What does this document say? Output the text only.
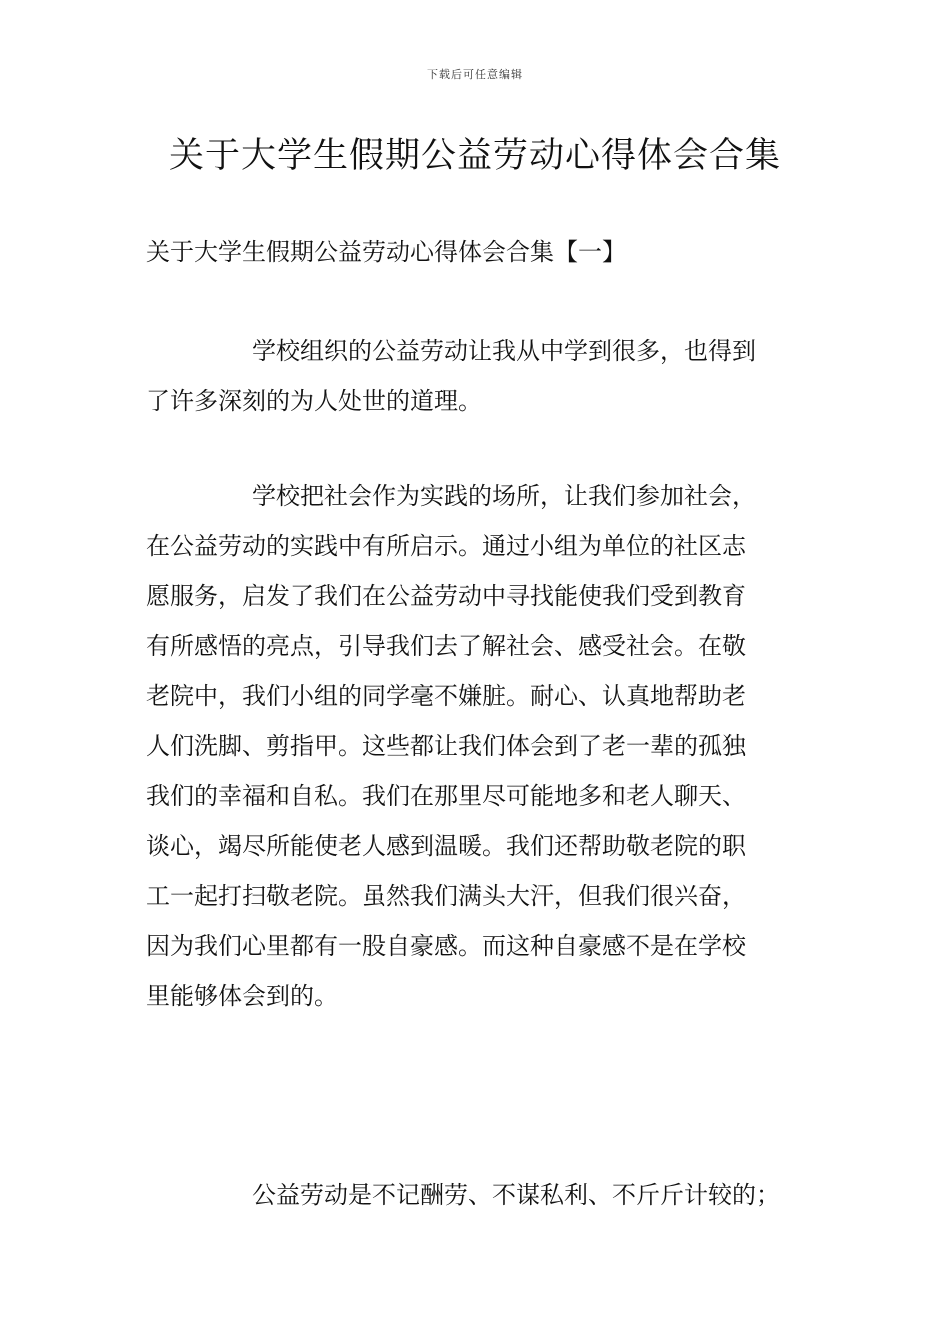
下载后可任意编辑
关于大学生假期公益劳动心得体会合集
关于大学生假期公益劳动心得体会合集【一】
学校组织的公益劳动让我从中学到很多，也得到
了许多深刻的为人处世的道理。
学校把社会作为实践的场所，让我们参加社会，
在公益劳动的实践中有所启示。通过小组为单位的社区志
愿服务，启发了我们在公益劳动中寻找能使我们受到教育
有所感悟的亮点，引导我们去了解社会、感受社会。在敬
老院中，我们小组的同学毫不嫌脏。耐心、认真地帮助老
人们洗脚、剪指甲。这些都让我们体会到了老一辈的孤独
我们的幸福和自私。我们在那里尽可能地多和老人聊天、
谈心，竭尽所能使老人感到温暖。我们还帮助敬老院的职
工一起打扫敬老院。虽然我们满头大汗，但我们很兴奋，
因为我们心里都有一股自豪感。而这种自豪感不是在学校
里能够体会到的。
公益劳动是不记酬劳、不谋私利、不斤斤计较的；
